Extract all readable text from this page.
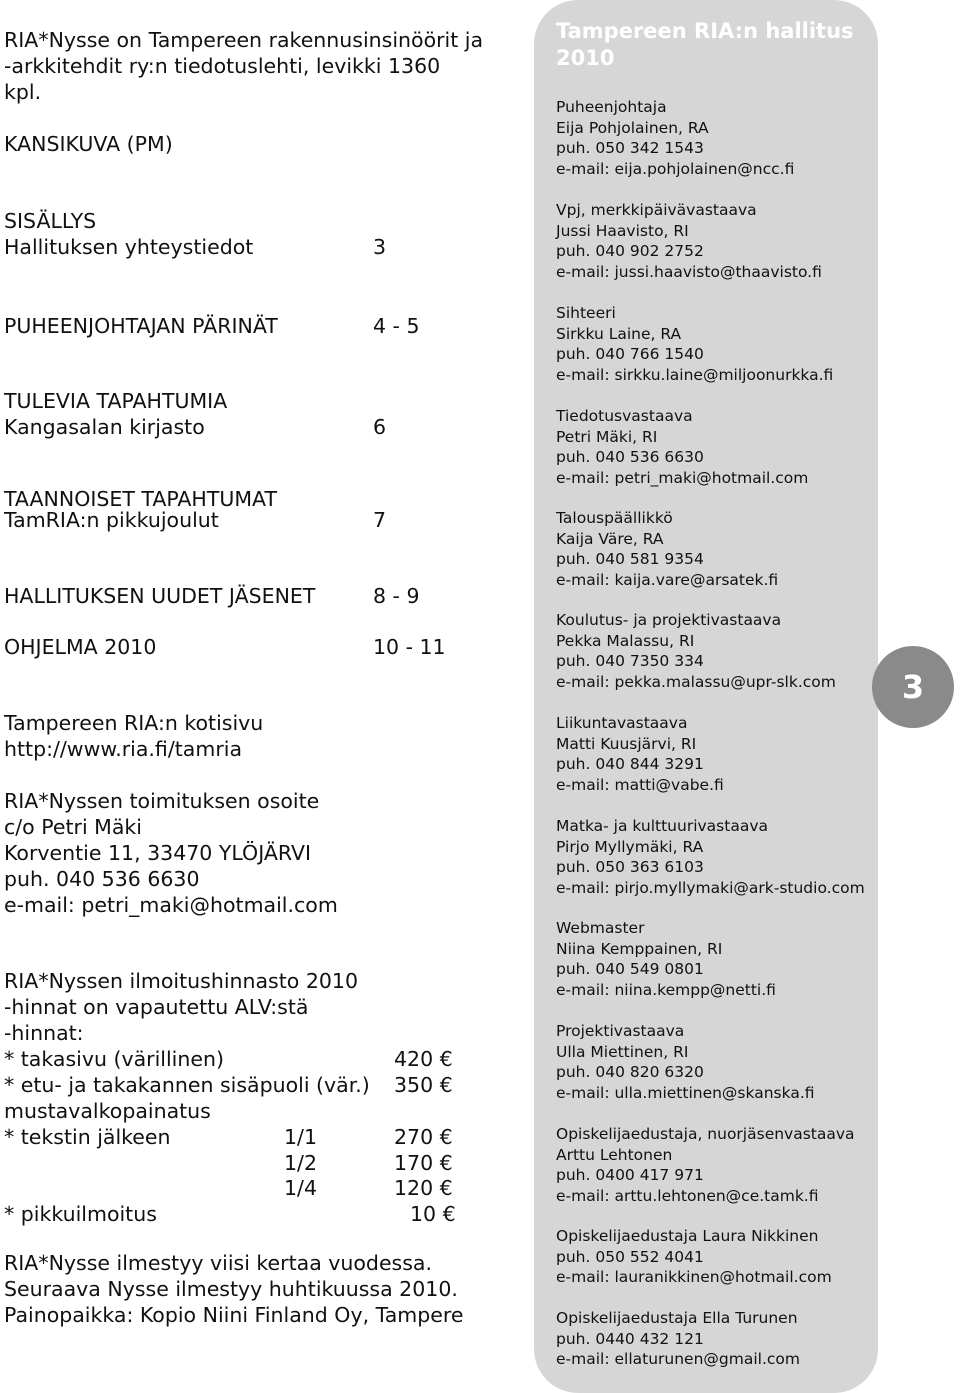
RIA*Nysse on Tampereen rakennusinsinöörit ja
-arkkitehdit ry:n tiedotuslehti, levikki 1360
kpl.
KANSIKUVA (PM)
SISÄLLYS
Hallituksen yhteystiedot	3
PUHEENJOHTAJAN PÄRINÄT	4 - 5
TULEVIA TAPAHTUMIA
Kangasalan kirjasto	6
TAANNOISET TAPAHTUMAT
TamRIA:n pikkujoulut	7
HALLITUKSEN UUDET JÄSENET	8 - 9
OHJELMA 2010	10 - 11
Tampereen RIA:n kotisivu
http://www.ria.fi/tamria
RIA*Nyssen toimituksen osoite
c/o Petri Mäki
Korventie 11, 33470 YLÖJÄRVI
puh. 040 536 6630
e-mail: petri_maki@hotmail.com
RIA*Nyssen ilmoitushinnasto 2010
-hinnat on vapautettu ALV:stä
-hinnat:
* takasivu (värillinen)	420 €
* etu- ja takakannen sisäpuoli (vär.) 350 €
mustavalkopainatus
* tekstin jälkeen	1/1	270 €
1/2	170 €
1/4	120 €
* pikkuilmoitus	10 €
RIA*Nysse ilmestyy viisi kertaa vuodessa.
Seuraava Nysse ilmestyy huhtikuussa 2010.
Painopaikka: Kopio Niini Finland Oy, Tampere
Tampereen RIA:n hallitus 2010
Puheenjohtaja
Eija Pohjolainen, RA
puh. 050 342 1543
e-mail: eija.pohjolainen@ncc.fi
Vpj, merkkipäivävastaava
Jussi Haavisto, RI
puh. 040 902 2752
e-mail: jussi.haavisto@thaavisto.fi
Sihteeri
Sirkku Laine, RA
puh. 040 766 1540
e-mail: sirkku.laine@miljoonurkka.fi
Tiedotusvastaava
Petri Mäki, RI
puh. 040 536 6630
e-mail: petri_maki@hotmail.com
Talouspäällikkö
Kaija Väre, RA
puh. 040 581 9354
e-mail: kaija.vare@arsatek.fi
Koulutus- ja projektivastaava
Pekka Malassu, RI
puh. 040 7350 334
e-mail: pekka.malassu@upr-slk.com
Liikuntavastaava
Matti Kuusjärvi, RI
puh. 040 844 3291
e-mail: matti@vabe.fi
Matka- ja kulttuurivastaava
Pirjo Myllymäki, RA
puh. 050 363 6103
e-mail: pirjo.myllymaki@ark-studio.com
Webmaster
Niina Kemppainen, RI
puh. 040 549 0801
e-mail: niina.kempp@netti.fi
Projektivastaava
Ulla Miettinen, RI
puh. 040 820 6320
e-mail: ulla.miettinen@skanska.fi
Opiskelijaedustaja, nuorjäsenvastaava
Arttu Lehtonen
puh. 0400 417 971
e-mail: arttu.lehtonen@ce.tamk.fi
Opiskelijaedustaja Laura Nikkinen
puh. 050 552 4041
e-mail: lauranikkinen@hotmail.com
Opiskelijaedustaja Ella Turunen
puh. 0440 432 121
e-mail: ellaturunen@gmail.com
3
